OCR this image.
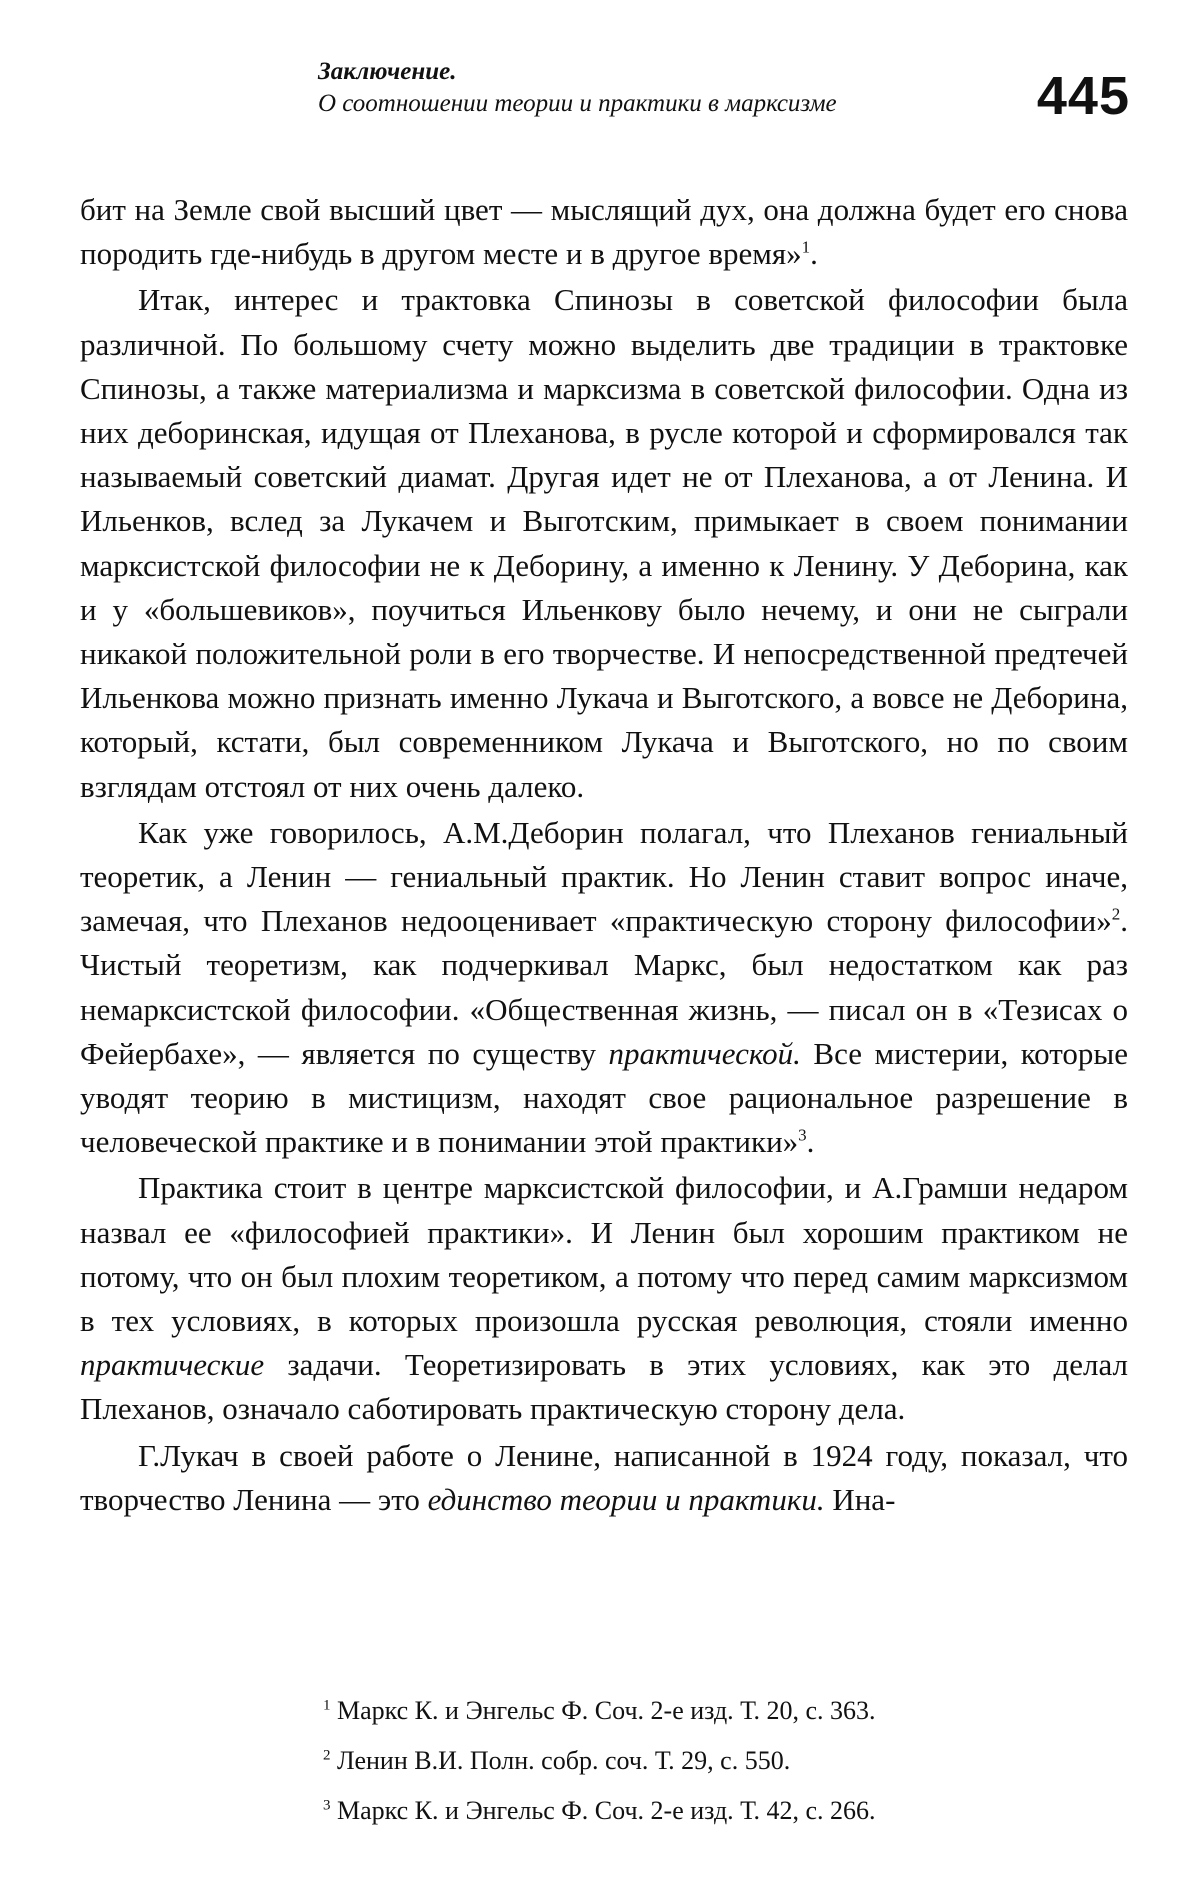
Заключение.
О соотношении теории и практики в марксизме	445

бит на Земле свой высший цвет — мыслящий дух, она должна будет его снова породить где-нибудь в другом месте и в другое время»$^1$.

Итак, интерес и трактовка Спинозы в советской философии была различной. По большому счету можно выделить две традиции в трактовке Спинозы, а также материализма и марксизма в советской философии. Одна из них деборинская, идущая от Плеханова, в русле которой и сформировался так называемый советский диамат. Другая идет не от Плеханова, а от Ленина. И Ильенков, вслед за Лукачем и Выготским, примыкает в своем понимании марксистской философии не к Деборину, а именно к Ленину. У Деборина, как и у «большевиков», поучиться Ильенкову было нечему, и они не сыграли никакой положительной роли в его творчестве. И непосредственной предтечей Ильенкова можно признать именно Лукача и Выготского, а вовсе не Деборина, который, кстати, был современником Лукача и Выготского, но по своим взглядам отстоял от них очень далеко.

Как уже говорилось, А.М.Деборин полагал, что Плеханов гениальный теоретик, а Ленин — гениальный практик. Но Ленин ставит вопрос иначе, замечая, что Плеханов недооценивает «практическую сторону философии»$^2$. Чистый теоретизм, как подчеркивал Маркс, был недостатком как раз немарксистской философии. «Общественная жизнь, — писал он в «Тезисах о Фейербахе», — является по существу практической. Все мистерии, которые уводят теорию в мистицизм, находят свое рациональное разрешение в человеческой практике и в понимании этой практики»$^3$.

Практика стоит в центре марксистской философии, и А.Грамши недаром назвал ее «философией практики». И Ленин был хорошим практиком не потому, что он был плохим теоретиком, а потому что перед самим марксизмом в тех условиях, в которых произошла русская революция, стояли именно практические задачи. Теоретизировать в этих условиях, как это делал Плеханов, означало саботировать практическую сторону дела.

Г.Лукач в своей работе о Ленине, написанной в 1924 году, показал, что творчество Ленина — это единство теории и практики. Ина-

$^1$ Маркс К. и Энгельс Ф. Соч. 2-е изд. Т. 20, с. 363.
$^2$ Ленин В.И. Полн. собр. соч. Т. 29, с. 550.
$^3$ Маркс К. и Энгельс Ф. Соч. 2-е изд. Т. 42, с. 266.
